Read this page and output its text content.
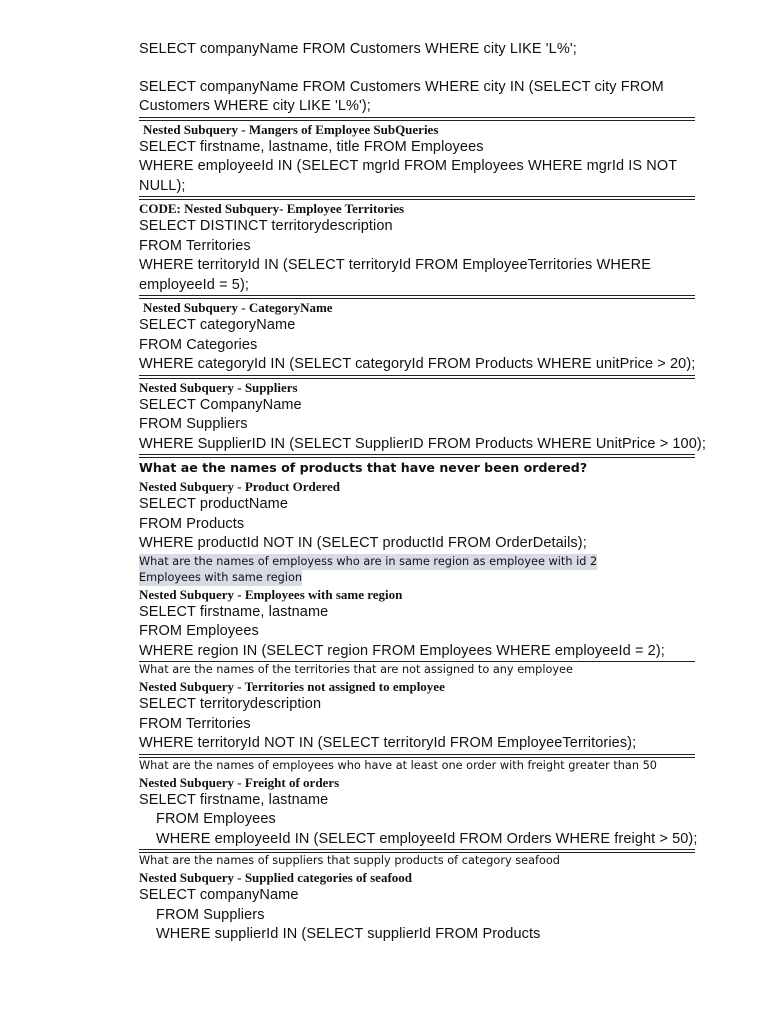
SELECT companyName FROM Customers WHERE city LIKE 'L%';
SELECT companyName FROM Customers WHERE city IN (SELECT city FROM Customers WHERE city LIKE 'L%');
Nested Subquery - Mangers of Employee SubQueries
SELECT firstname, lastname, title FROM Employees
WHERE employeeId IN (SELECT mgrId FROM Employees WHERE mgrId IS NOT NULL);
CODE: Nested Subquery- Employee Territories
SELECT DISTINCT territorydescription
FROM Territories
WHERE territoryId IN (SELECT territoryId FROM EmployeeTerritories WHERE employeeId = 5);
Nested Subquery - CategoryName
SELECT categoryName
FROM Categories
WHERE categoryId IN (SELECT categoryId FROM Products WHERE unitPrice > 20);
Nested Subquery - Suppliers
SELECT CompanyName
FROM Suppliers
WHERE SupplierID IN (SELECT SupplierID FROM Products WHERE UnitPrice > 100);
What ae the names of products that have never been ordered?
Nested Subquery - Product Ordered
SELECT productName
FROM Products
WHERE productId NOT IN (SELECT productId FROM OrderDetails);
What are the names of employess who are in same region as employee with id 2
Employees with same region
Nested Subquery - Employees with same region
SELECT firstname, lastname
FROM Employees
WHERE region IN (SELECT region FROM Employees WHERE employeeId = 2);
What are the names of the territories that are not assigned to any employee
Nested Subquery - Territories not assigned to employee
SELECT territorydescription
FROM Territories
WHERE territoryId NOT IN (SELECT territoryId FROM EmployeeTerritories);
What are the names of employees who have at least one order with freight greater than 50
Nested Subquery - Freight of orders
SELECT firstname, lastname
FROM Employees
WHERE employeeId IN (SELECT employeeId FROM Orders WHERE freight > 50);
What are the names of suppliers that supply products of category seafood
Nested Subquery - Supplied categories of seafood
SELECT companyName
FROM Suppliers
WHERE supplierId IN (SELECT supplierId FROM Products
